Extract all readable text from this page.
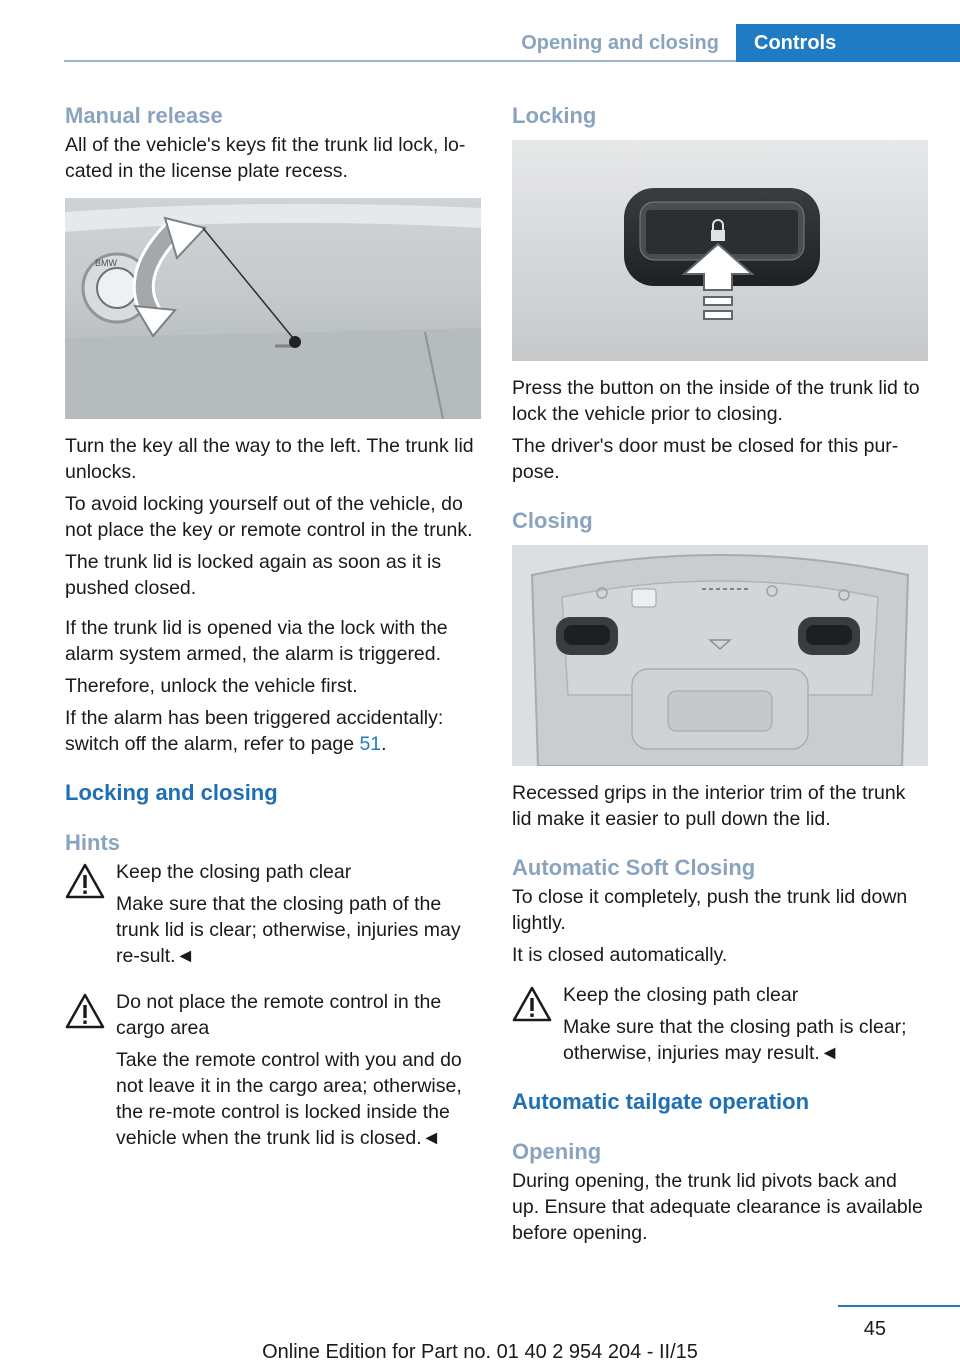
Opening and closing	Controls
Manual release

All of the vehicle's keys fit the trunk lid lock, lo‐cated in the license plate recess.

BMW

Turn the key all the way to the left. The trunk lid unlocks.

To avoid locking yourself out of the vehicle, do not place the key or remote control in the trunk.

The trunk lid is locked again as soon as it is pushed closed.

If the trunk lid is opened via the lock with the alarm system armed, the alarm is triggered.

Therefore, unlock the vehicle first.

If the alarm has been triggered accidentally: switch off the alarm, refer to page 51.

Locking and closing
Hints

Keep the closing path clear

Make sure that the closing path of the trunk lid is clear; otherwise, injuries may re‐sult.◄

Do not place the remote control in the cargo area

Take the remote control with you and do not leave it in the cargo area; otherwise, the re‐mote control is locked inside the vehicle when the trunk lid is closed.◄

Locking

Press the button on the inside of the trunk lid to lock the vehicle prior to closing.

The driver's door must be closed for this pur‐pose.

Closing

Recessed grips in the interior trim of the trunk lid make it easier to pull down the lid.

Automatic Soft Closing

To close it completely, push the trunk lid down lightly.

It is closed automatically.

Keep the closing path clear

Make sure that the closing path is clear; otherwise, injuries may result.◄

Automatic tailgate operation
Opening

During opening, the trunk lid pivots back and up. Ensure that adequate clearance is available before opening.

45
Online Edition for Part no. 01 40 2 954 204 - II/15
